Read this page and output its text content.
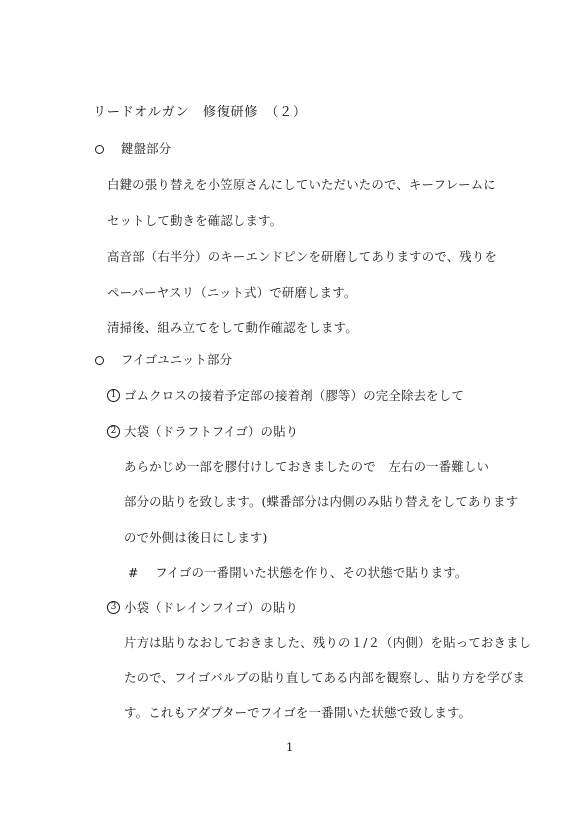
リードオルガン　修復研修　（２）
鍵盤部分
白鍵の張り替えを小笠原さんにしていただいたので、キーフレームに
セットして動きを確認します。
高音部（右半分）のキーエンドピンを研磨してありますので、残りを
ペーパーヤスリ（ニット式）で研磨します。
清掃後、組み立てをして動作確認をします。
フイゴユニット部分
1 ゴムクロスの接着予定部の接着剤（膠等）の完全除去をして
2 大袋（ドラフトフイゴ）の貼り
あらかじめ一部を膠付けしておきましたので　左右の一番難しい
部分の貼りを致します。(蝶番部分は内側のみ貼り替えをしてあります
ので外側は後日にします)
#　 フイゴの一番開いた状態を作り、その状態で貼ります。
3 小袋（ドレインフイゴ）の貼り
片方は貼りなおしておきました、残りの１/２（内側）を貼っておきまし
たので、フイゴバルブの貼り直してある内部を観察し、貼り方を学びま
す。これもアダプターでフイゴを一番開いた状態で致します。
1
